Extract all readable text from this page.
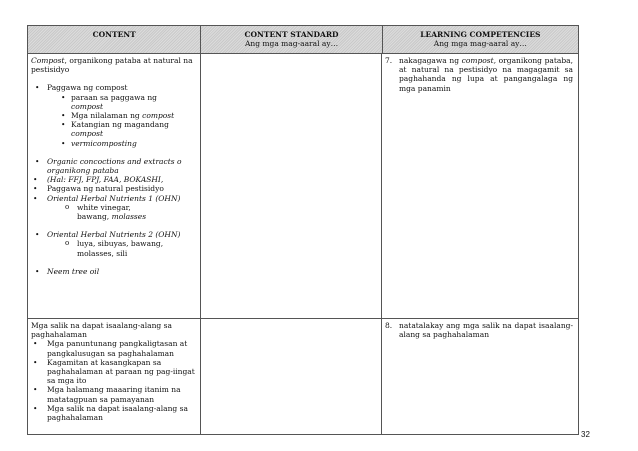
CONTENT	CONTENT STANDARD
Ang mga mag-aaral ay…
LEARNING COMPETENCIES
Ang mga mag-aaral ay…
Compost, organikong pataba at natural na pestisidyo
• Paggawa ng compost
• paraan sa paggawa ng
compost
• Mga nilalaman ng compost
• Katangian ng magandang
compost
• vermicomposting
• Organic concoctions and extracts o organikong pataba
• (Hal: FFJ, FPJ, FAA, BOKASHI,
• Paggawa ng natural pestisidyo
• Oriental Herbal Nutrients 1 (OHN)
o white vinegar,
bawang, molasses
• Oriental Herbal Nutrients 2 (OHN)
o luya, sibuyas, bawang,
molasses, sili
• Neem tree oil
7. nakagagawa ng compost, organikong pataba, at natural na pestisidyo na magagamit sa paghahanda ng lupa at pangangalaga ng mga panamin
Mga salik na dapat isaalang-alang sa paghahalaman
• Mga panuntunang pangkaligtasan at pangkalusugan sa paghahalaman
• Kagamitan at kasangkapan sa paghahalaman at paraan ng pag-iingat sa mga ito
• Mga halamang maaaring itanim na matatagpuan sa pamayanan
• Mga salik na dapat isaalang-alang sa paghahalaman
8. natatalakay ang mga salik na dapat isaalang-alang sa paghahalaman
32
